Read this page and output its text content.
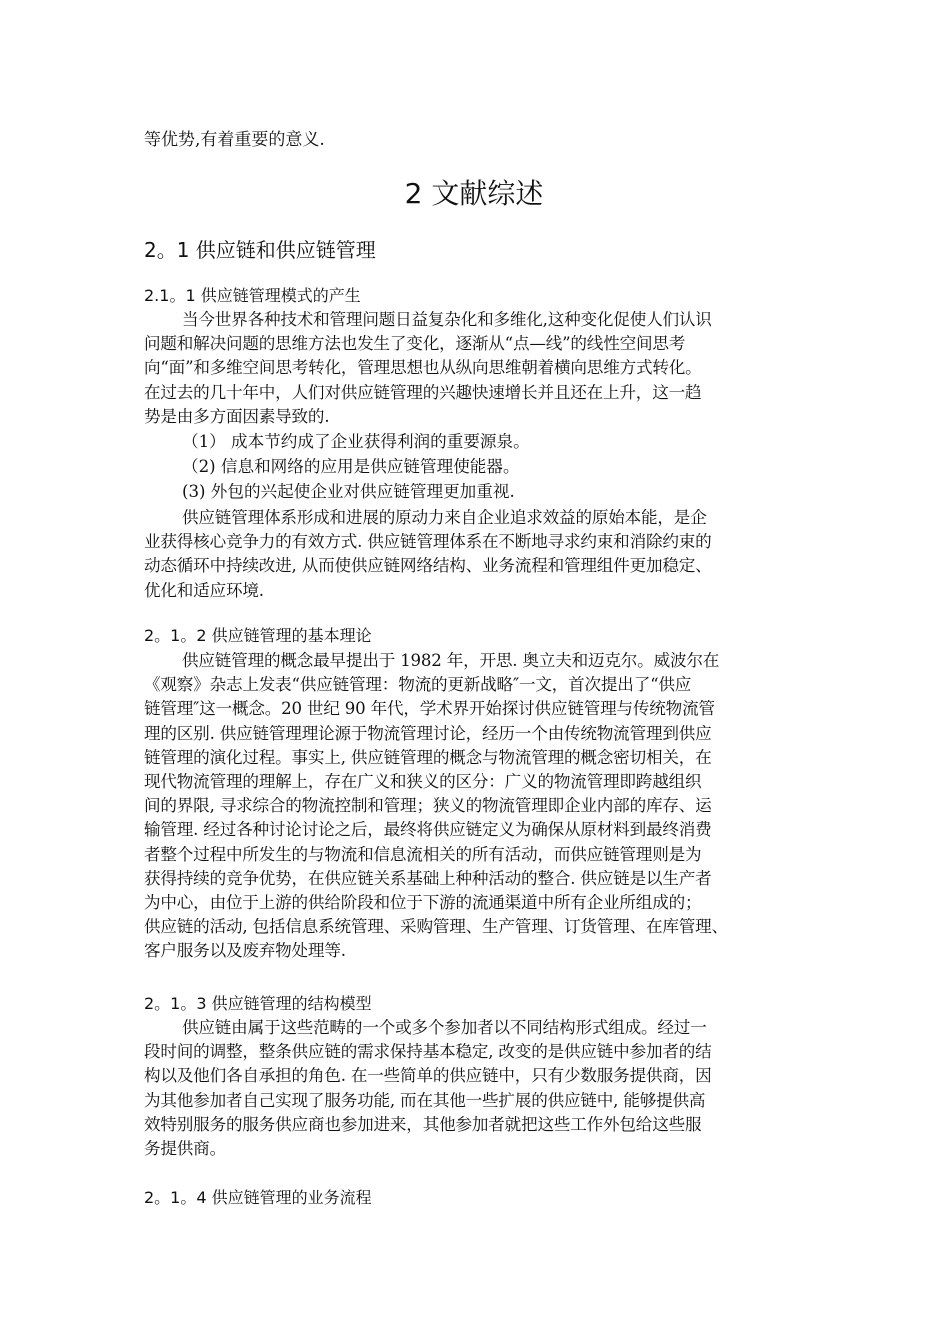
等优势,有着重要的意义.
2 文献综述
2。1 供应链和供应链管理
2.1。1 供应链管理模式的产生
当今世界各种技术和管理问题日益复杂化和多维化,这种变化促使人们认识
问题和解决问题的思维方法也发生了变化，逐渐从“点—线”的线性空间思考
向“面”和多维空间思考转化，管理思想也从纵向思维朝着横向思维方式转化。
在过去的几十年中，人们对供应链管理的兴趣快速增长并且还在上升，这一趋
势是由多方面因素导致的.
（1） 成本节约成了企业获得利润的重要源泉。
（2) 信息和网络的应用是供应链管理使能器。
(3) 外包的兴起使企业对供应链管理更加重视.
供应链管理体系形成和进展的原动力来自企业追求效益的原始本能，是企
业获得核心竞争力的有效方式. 供应链管理体系在不断地寻求约束和消除约束的
动态循环中持续改进, 从而使供应链网络结构、业务流程和管理组件更加稳定、
优化和适应环境.
2。1。2 供应链管理的基本理论
供应链管理的概念最早提出于 1982 年，开思. 奥立夫和迈克尔。威波尔在
《观察》杂志上发表“供应链管理：物流的更新战略″一文，首次提出了“供应
链管理″这一概念。20 世纪 90 年代，学术界开始探讨供应链管理与传统物流管
理的区别. 供应链管理理论源于物流管理讨论，经历一个由传统物流管理到供应
链管理的演化过程。事实上, 供应链管理的概念与物流管理的概念密切相关，在
现代物流管理的理解上，存在广义和狭义的区分：广义的物流管理即跨越组织
间的界限, 寻求综合的物流控制和管理；狭义的物流管理即企业内部的库存、运
输管理. 经过各种讨论讨论之后，最终将供应链定义为确保从原材料到最终消费
者整个过程中所发生的与物流和信息流相关的所有活动，而供应链管理则是为
获得持续的竞争优势，在供应链关系基础上种种活动的整合. 供应链是以生产者
为中心，由位于上游的供给阶段和位于下游的流通渠道中所有企业所组成的；
供应链的活动, 包括信息系统管理、采购管理、生产管理、订货管理、在库管理、
客户服务以及废弃物处理等.
2。1。3 供应链管理的结构模型
供应链由属于这些范畴的一个或多个参加者以不同结构形式组成。经过一
段时间的调整，整条供应链的需求保持基本稳定, 改变的是供应链中参加者的结
构以及他们各自承担的角色. 在一些简单的供应链中，只有少数服务提供商，因
为其他参加者自己实现了服务功能, 而在其他一些扩展的供应链中, 能够提供高
效特别服务的服务供应商也参加进来，其他参加者就把这些工作外包给这些服
务提供商。
2。1。4 供应链管理的业务流程
